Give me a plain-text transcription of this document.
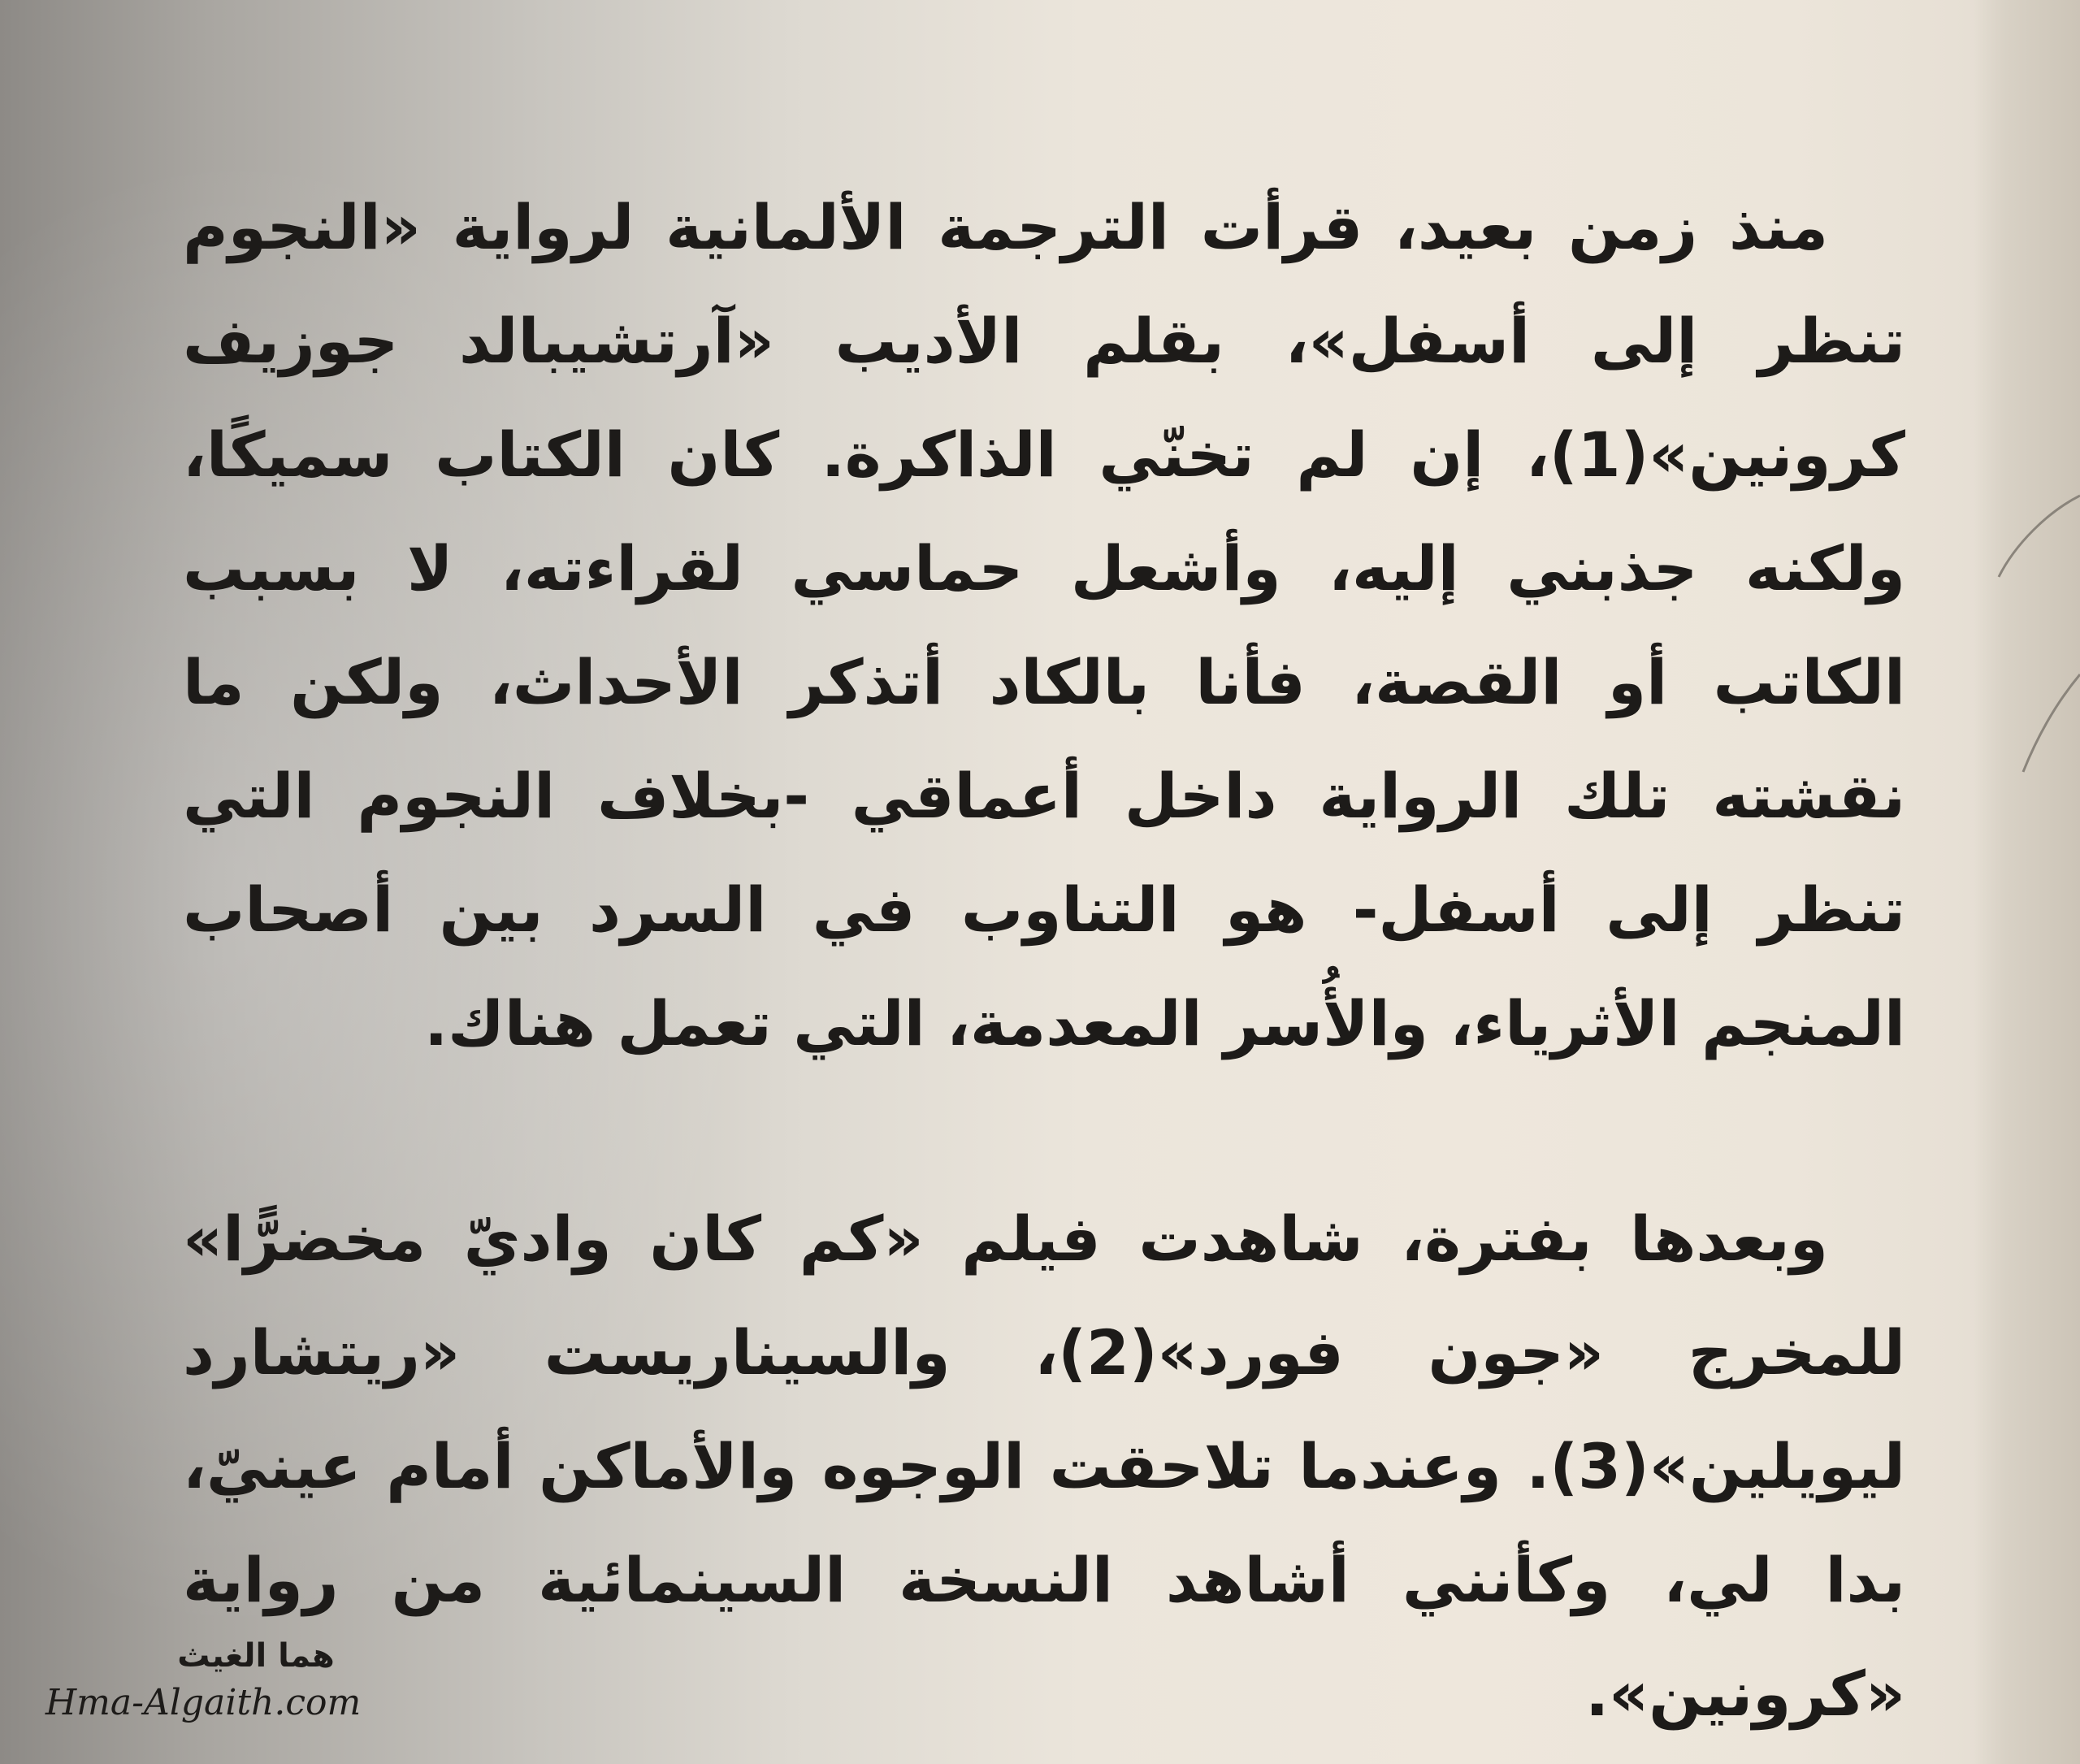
منذ زمن بعيد، قرأت الترجمة الألمانية لرواية «النجوم تنظر إلى أسفل»، بقلم الأديب «آرتشيبالد جوزيف كرونين»(1)، إن لم تخنّي الذاكرة. كان الكتاب سميكًا، ولكنه جذبني إليه، وأشعل حماسي لقراءته، لا بسبب الكاتب أو القصة، فأنا بالكاد أتذكر الأحداث، ولكن ما نقشته تلك الرواية داخل أعماقي -بخلاف النجوم التي تنظر إلى أسفل- هو التناوب في السرد بين أصحاب المنجم الأثرياء، والأُسر المعدمة، التي تعمل هناك.
وبعدها بفترة، شاهدت فيلم «كم كان واديّ مخضرًّا» للمخرج «جون فورد»(2)، والسيناريست «ريتشارد ليويلين»(3). وعندما تلاحقت الوجوه والأماكن أمام عينيّ، بدا لي، وكأنني أشاهد النسخة السينمائية من رواية «كرونين».
هما الغيث
Hma-Algaith.com
